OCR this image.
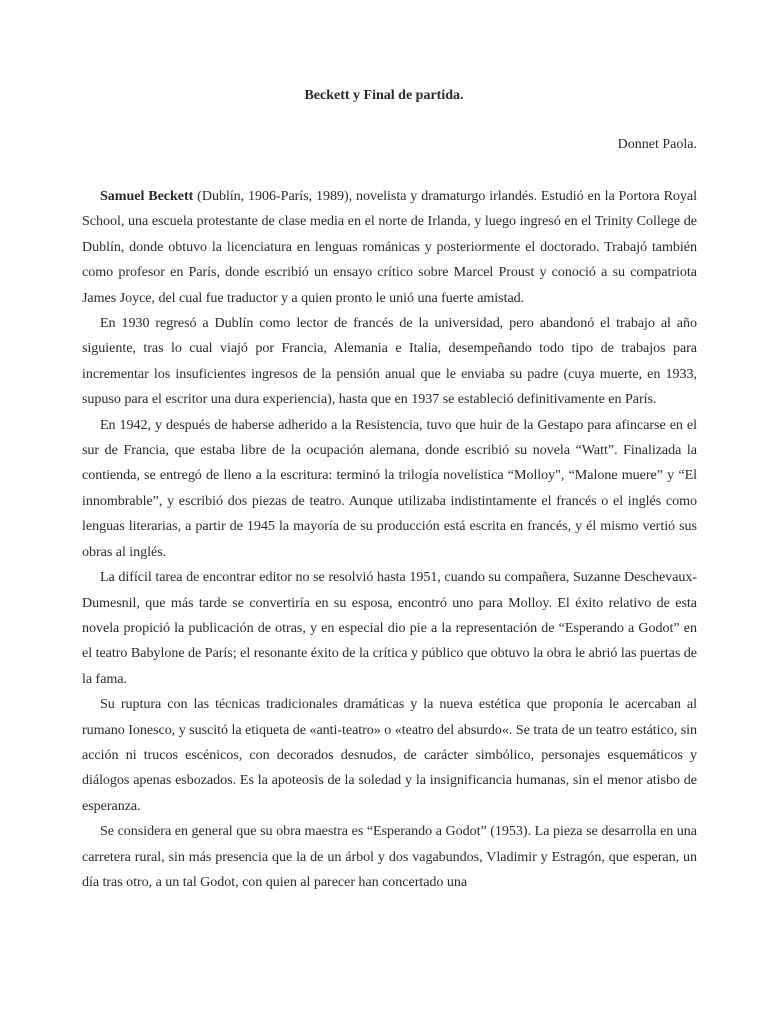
Beckett y Final de partida.

Donnet Paola.

Samuel Beckett (Dublín, 1906-París, 1989), novelista y dramaturgo irlandés. Estudió en la Portora Royal School, una escuela protestante de clase media en el norte de Irlanda, y luego ingresó en el Trinity College de Dublín, donde obtuvo la licenciatura en lenguas románicas y posteriormente el doctorado. Trabajó también como profesor en París, donde escribió un ensayo crítico sobre Marcel Proust y conoció a su compatriota James Joyce, del cual fue traductor y a quien pronto le unió una fuerte amistad.

En 1930 regresó a Dublín como lector de francés de la universidad, pero abandonó el trabajo al año siguiente, tras lo cual viajó por Francia, Alemania e Italia, desempeñando todo tipo de trabajos para incrementar los insuficientes ingresos de la pensión anual que le enviaba su padre (cuya muerte, en 1933, supuso para el escritor una dura experiencia), hasta que en 1937 se estableció definitivamente en París.

En 1942, y después de haberse adherido a la Resistencia, tuvo que huir de la Gestapo para afincarse en el sur de Francia, que estaba libre de la ocupación alemana, donde escribió su novela “Watt”. Finalizada la contienda, se entregó de lleno a la escritura: terminó la trilogía novelística “Molloy", “Malone muere” y “El innombrable”, y escribió dos piezas de teatro. Aunque utilizaba indistintamente el francés o el inglés como lenguas literarias, a partir de 1945 la mayoría de su producción está escrita en francés, y él mismo vertió sus obras al inglés.

La difícil tarea de encontrar editor no se resolvió hasta 1951, cuando su compañera, Suzanne Deschevaux-Dumesnil, que más tarde se convertiría en su esposa, encontró uno para Molloy. El éxito relativo de esta novela propició la publicación de otras, y en especial dio pie a la representación de “Esperando a Godot” en el teatro Babylone de París; el resonante éxito de la crítica y público que obtuvo la obra le abrió las puertas de la fama.

Su ruptura con las técnicas tradicionales dramáticas y la nueva estética que proponía le acercaban al rumano Ionesco, y suscitó la etiqueta de «anti-teatro» o «teatro del absurdo«. Se trata de un teatro estático, sin acción ni trucos escénicos, con decorados desnudos, de carácter simbólico, personajes esquemáticos y diálogos apenas esbozados. Es la apoteosis de la soledad y la insignificancia humanas, sin el menor atisbo de esperanza.

Se considera en general que su obra maestra es “Esperando a Godot” (1953). La pieza se desarrolla en una carretera rural, sin más presencia que la de un árbol y dos vagabundos, Vladimir y Estragón, que esperan, un día tras otro, a un tal Godot, con quien al parecer han concertado una
